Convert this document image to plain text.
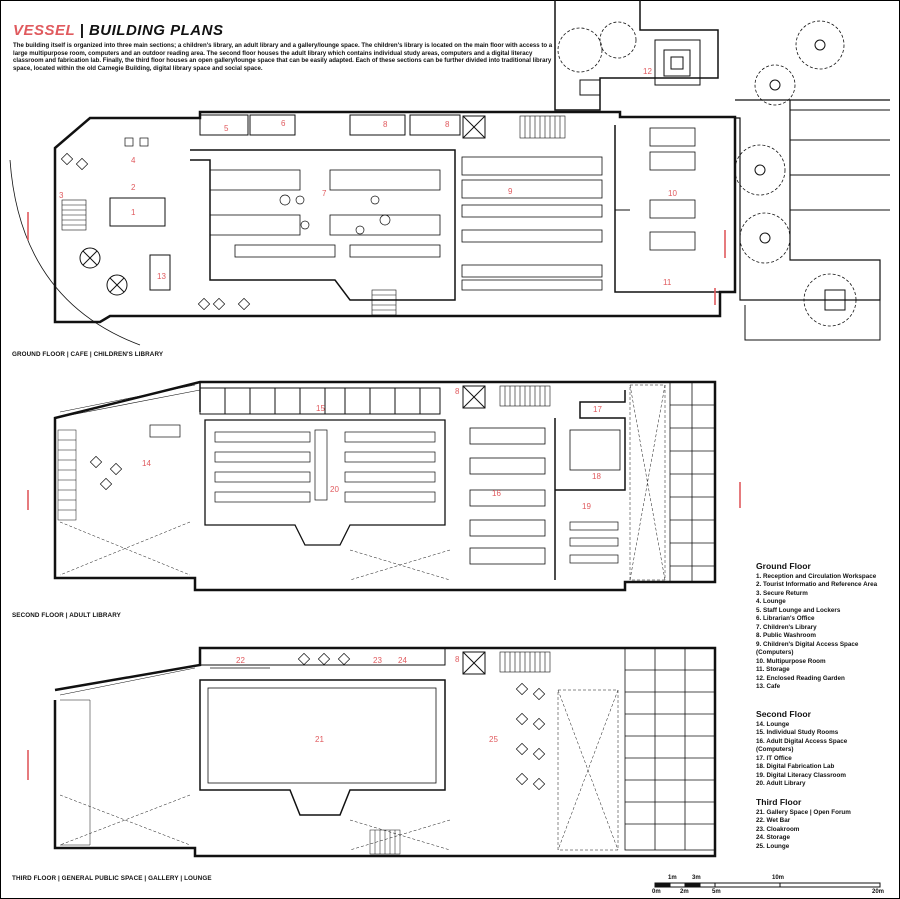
VESSEL | BUILDING PLANS
The building itself is organized into three main sections; a children's library, an adult library and a gallery/lounge space. The children's library is located on the main floor with access to a large multipurpose room, computers and an outdoor reading area. The second floor houses the adult library which contains individual study areas, computers and a digital literacy classroom and fabrication lab. Finally, the third floor houses an open gallery/lounge space that can be easily adapted. Each of these sections can be further divided into traditional library space, located within the old Carnegie Building, digital library space and social space.
1
2
3
4
5
6
7
8	8
9	10
11
12
13
14
15
16
17
18
19
20
8
21
22	23 24
25
8
GROUND FLOOR | CAFE | CHILDREN'S LIBRARY
SECOND FLOOR | ADULT LIBRARY
THIRD FLOOR | GENERAL PUBLIC SPACE | GALLERY | LOUNGE
Ground Floor
1. Reception and Circulation Workspace
2. Tourist Informatio and Reference Area
3. Secure Returm
4. Lounge
5. Staff Lounge and Lockers
6. Librarian's Office
7. Children's Library
8. Public Washroom
9. Children's Digital Access Space
(Computers)
10. Multipurpose Room
11. Storage
12. Enclosed Reading Garden
13. Cafe
Second Floor
14. Lounge
15. Individual Study Rooms
16. Adult Digital Access Space
(Computers)
17. IT Office
18. Digital Fabrication Lab
19. Digital Literacy Classroom
20. Adult Library
Third Floor
21. Gallery Space | Open Forum
22. Wet Bar
23. Cloakroom
24. Storage
25. Lounge
1m	3m
0m	2m	5m
10m
20m
